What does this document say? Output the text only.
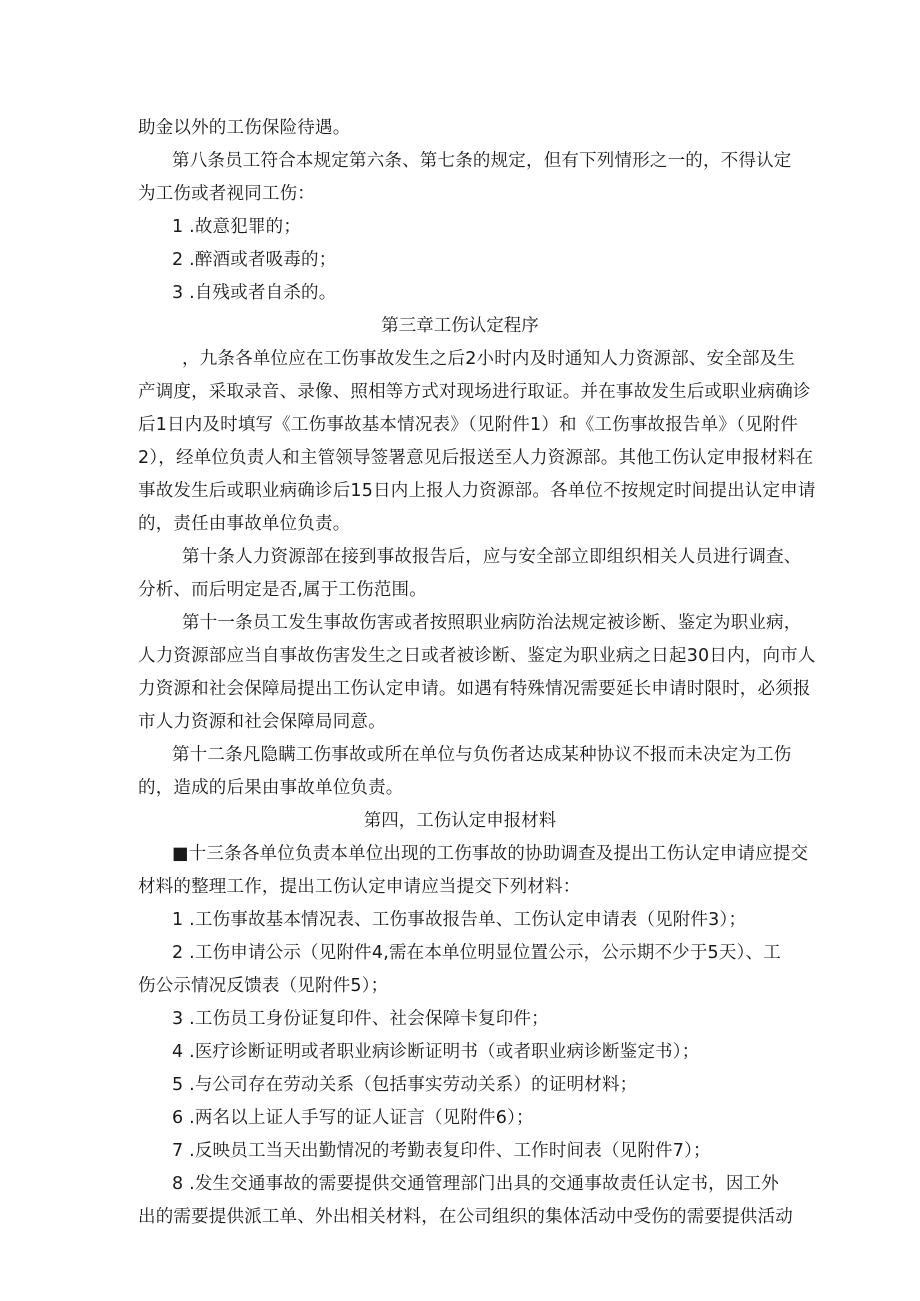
助金以外的工伤保险待遇。
第八条员工符合本规定第六条、第七条的规定，但有下列情形之一的，不得认定
为工伤或者视同工伤：
1 .故意犯罪的；
2 .醉酒或者吸毒的；
3 .自残或者自杀的。
第三章工伤认定程序
，九条各单位应在工伤事故发生之后2小时内及时通知人力资源部、安全部及生
产调度，采取录音、录像、照相等方式对现场进行取证。并在事故发生后或职业病确诊
后1日内及时填写《工伤事故基本情况表》（见附件1）和《工伤事故报告单》（见附件
2），经单位负责人和主管领导签署意见后报送至人力资源部。其他工伤认定申报材料在
事故发生后或职业病确诊后15日内上报人力资源部。各单位不按规定时间提出认定申请
的，责任由事故单位负责。
第十条人力资源部在接到事故报告后，应与安全部立即组织相关人员进行调查、
分析、而后明定是否,属于工伤范围。
第十一条员工发生事故伤害或者按照职业病防治法规定被诊断、鉴定为职业病，
人力资源部应当自事故伤害发生之日或者被诊断、鉴定为职业病之日起30日内，向市人
力资源和社会保障局提出工伤认定申请。如遇有特殊情况需要延长申请时限时，必须报
市人力资源和社会保障局同意。
第十二条凡隐瞒工伤事故或所在单位与负伤者达成某种协议不报而未决定为工伤
的，造成的后果由事故单位负责。
第四，工伤认定申报材料
■十三条各单位负责本单位出现的工伤事故的协助调查及提出工伤认定申请应提交
材料的整理工作，提出工伤认定申请应当提交下列材料：
1 .工伤事故基本情况表、工伤事故报告单、工伤认定申请表（见附件3）；
2 .工伤申请公示（见附件4,需在本单位明显位置公示，公示期不少于5天）、工
伤公示情况反馈表（见附件5）；
3 .工伤员工身份证复印件、社会保障卡复印件；
4 .医疗诊断证明或者职业病诊断证明书（或者职业病诊断鉴定书）；
5 .与公司存在劳动关系（包括事实劳动关系）的证明材料；
6 .两名以上证人手写的证人证言（见附件6）；
7 .反映员工当天出勤情况的考勤表复印件、工作时间表（见附件7）；
8 .发生交通事故的需要提供交通管理部门出具的交通事故责任认定书，因工外
出的需要提供派工单、外出相关材料，在公司组织的集体活动中受伤的需要提供活动
